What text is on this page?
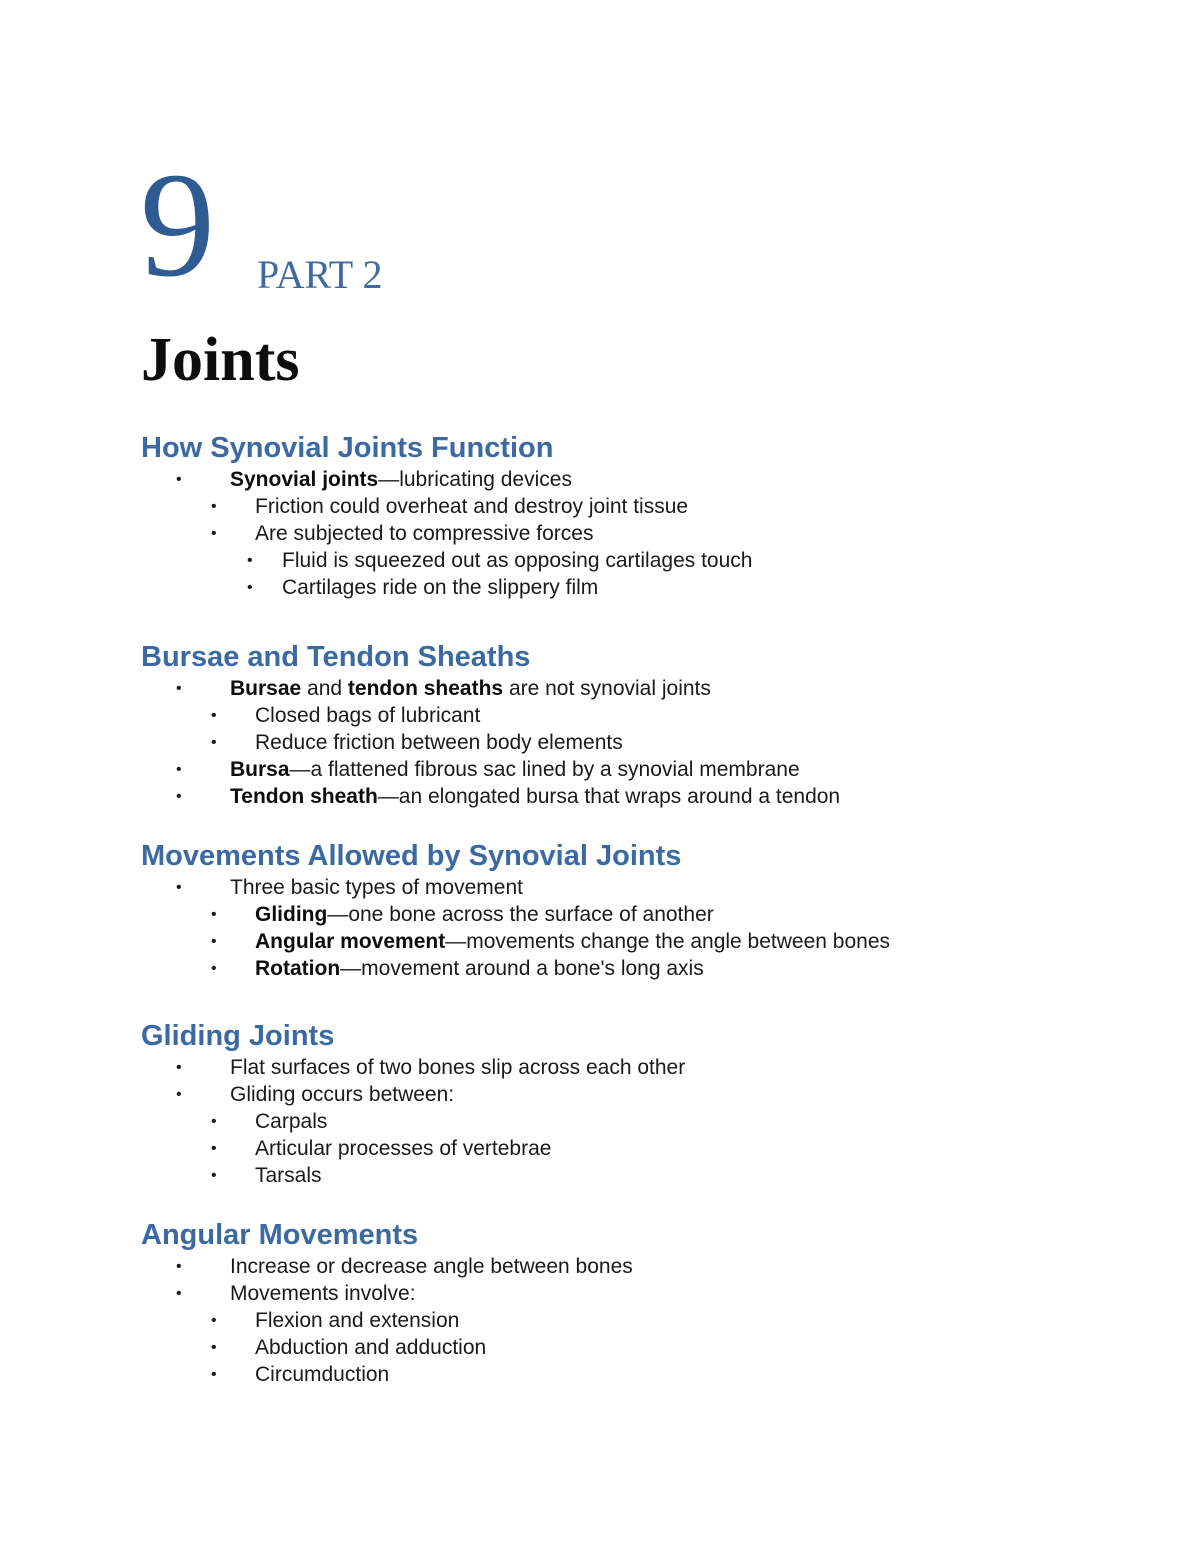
9 PART 2
Joints
How Synovial Joints Function
• Synovial joints—lubricating devices
• Friction could overheat and destroy joint tissue
• Are subjected to compressive forces
• Fluid is squeezed out as opposing cartilages touch
• Cartilages ride on the slippery film
Bursae and Tendon Sheaths
• Bursae and tendon sheaths are not synovial joints
• Closed bags of lubricant
• Reduce friction between body elements
• Bursa—a flattened fibrous sac lined by a synovial membrane
• Tendon sheath—an elongated bursa that wraps around a tendon
Movements Allowed by Synovial Joints
• Three basic types of movement
• Gliding—one bone across the surface of another
• Angular movement—movements change the angle between bones
• Rotation—movement around a bone's long axis
Gliding Joints
• Flat surfaces of two bones slip across each other
• Gliding occurs between:
• Carpals
• Articular processes of vertebrae
• Tarsals
Angular Movements
• Increase or decrease angle between bones
• Movements involve:
• Flexion and extension
• Abduction and adduction
• Circumduction
